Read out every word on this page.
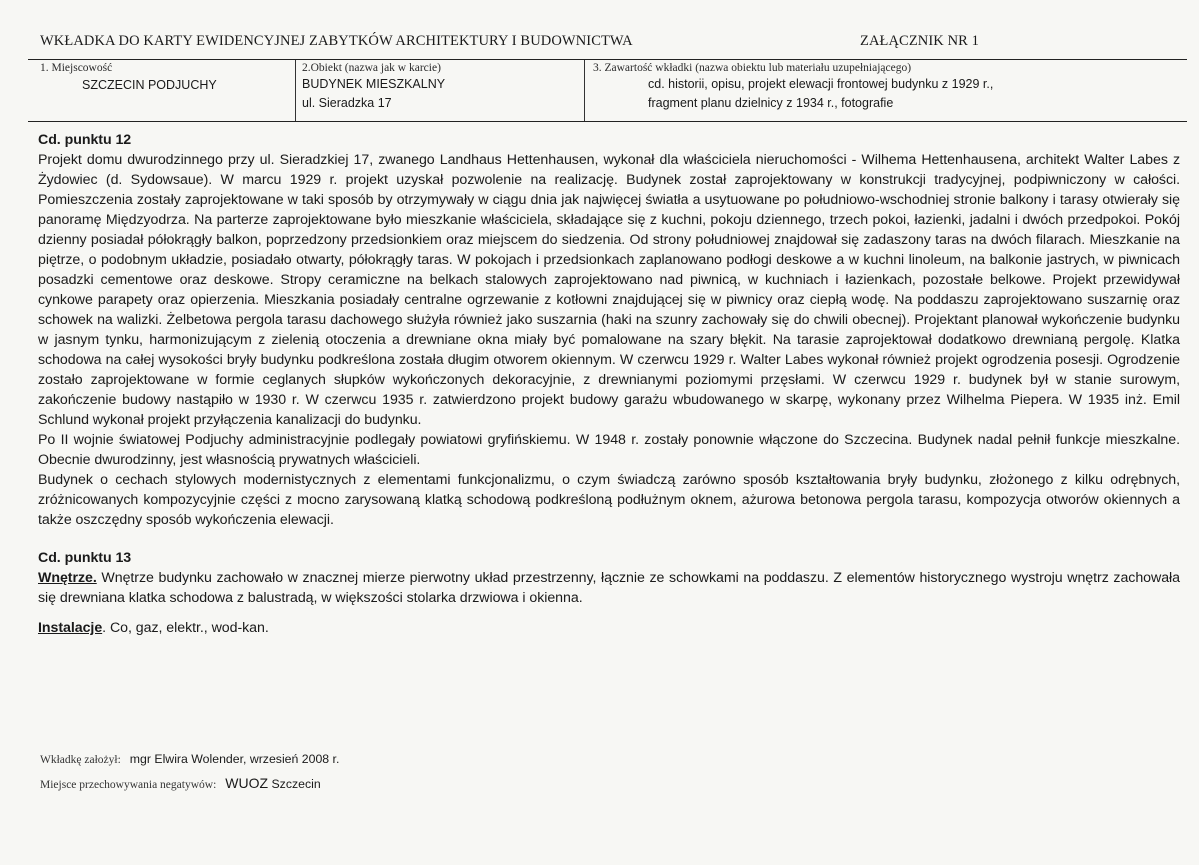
WKŁADKA DO KARTY EWIDENCYJNEJ ZABYTKÓW ARCHITEKTURY I BUDOWNICTWA	ZAŁĄCZNIK NR 1
1. Miejscowość
SZCZECIN PODJUCHY
2.Obiekt (nazwa jak w karcie)
BUDYNEK MIESZKALNY
ul. Sieradzka 17
3. Zawartość wkładki (nazwa obiektu lub materiału uzupełniającego)
cd. historii, opisu, projekt elewacji frontowej budynku z 1929 r.,
fragment planu dzielnicy z 1934 r., fotografie

Cd. punktu 12

Projekt domu dwurodzinnego przy ul. Sieradzkiej 17, zwanego Landhaus Hettenhausen, wykonał dla właściciela nieruchomości - Wilhema Hettenhausena, architekt Walter Labes z Żydowiec (d. Sydowsaue). W marcu 1929 r. projekt uzyskał pozwolenie na realizację. Budynek został zaprojektowany w konstrukcji tradycyjnej, podpiwniczony w całości. Pomieszczenia zostały zaprojektowane w taki sposób by otrzymywały w ciągu dnia jak najwięcej światła a usytuowane po południowo-wschodniej stronie balkony i tarasy otwierały się panoramę Międzyodrza. Na parterze zaprojektowane było mieszkanie właściciela, składające się z kuchni, pokoju dziennego, trzech pokoi, łazienki, jadalni i dwóch przedpokoi. Pokój dzienny posiadał półokrągły balkon, poprzedzony przedsionkiem oraz miejscem do siedzenia. Od strony południowej znajdował się zadaszony taras na dwóch filarach. Mieszkanie na piętrze, o podobnym układzie, posiadało otwarty, półokrągły taras. W pokojach i przedsionkach zaplanowano podłogi deskowe a w kuchni linoleum, na balkonie jastrych, w piwnicach posadzki cementowe oraz deskowe. Stropy ceramiczne na belkach stalowych zaprojektowano nad piwnicą, w kuchniach i łazienkach, pozostałe belkowe. Projekt przewidywał cynkowe parapety oraz opierzenia. Mieszkania posiadały centralne ogrzewanie z kotłowni znajdującej się w piwnicy oraz ciepłą wodę. Na poddaszu zaprojektowano suszarnię oraz schowek na walizki. Żelbetowa pergola tarasu dachowego służyła również jako suszarnia (haki na szunry zachowały się do chwili obecnej). Projektant planował wykończenie budynku w jasnym tynku, harmonizującym z zielenią otoczenia a drewniane okna miały być pomalowane na szary błękit. Na tarasie zaprojektował dodatkowo drewnianą pergolę. Klatka schodowa na całej wysokości bryły budynku podkreślona została długim otworem okiennym. W czerwcu 1929 r. Walter Labes wykonał również projekt ogrodzenia posesji. Ogrodzenie zostało zaprojektowane w formie ceglanych słupków wykończonych dekoracyjnie, z drewnianymi poziomymi przęsłami. W czerwcu 1929 r. budynek był w stanie surowym, zakończenie budowy nastąpiło w 1930 r. W czerwcu 1935 r. zatwierdzono projekt budowy garażu wbudowanego w skarpę, wykonany przez Wilhelma Piepera. W 1935 inż. Emil Schlund wykonał projekt przyłączenia kanalizacji do budynku.

Po II wojnie światowej Podjuchy administracyjnie podlegały powiatowi gryfińskiemu. W 1948 r. zostały ponownie włączone do Szczecina. Budynek nadal pełnił funkcje mieszkalne. Obecnie dwurodzinny, jest własnością prywatnych właścicieli.

Budynek o cechach stylowych modernistycznych z elementami funkcjonalizmu, o czym świadczą zarówno sposób kształtowania bryły budynku, złożonego z kilku odrębnych, zróżnicowanych kompozycyjnie części z mocno zarysowaną klatką schodową podkreśloną podłużnym oknem, ażurowa betonowa pergola tarasu, kompozycja otworów okiennych a także oszczędny sposób wykończenia elewacji.

Cd. punktu 13

Wnętrze. Wnętrze budynku zachowało w znacznej mierze pierwotny układ przestrzenny, łącznie ze schowkami na poddaszu. Z elementów historycznego wystroju wnętrz zachowała się drewniana klatka schodowa z balustradą, w większości stolarka drzwiowa i okienna.

Instalacje. Co, gaz, elektr., wod-kan.

Wkładkę założył: mgr Elwira Wolender, wrzesień 2008 r.
Miejsce przechowywania negatywów: WUOZ Szczecin
